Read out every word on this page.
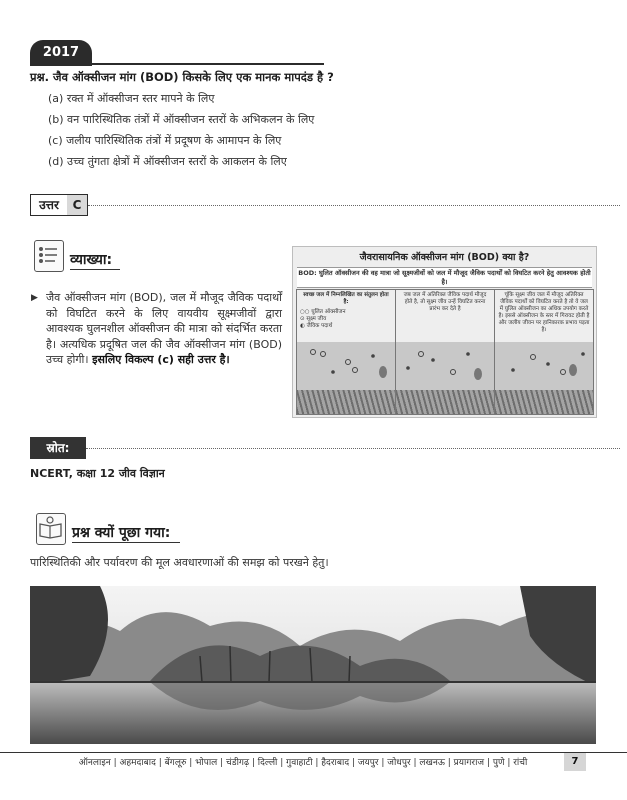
2017
प्रश्न. जैव ऑक्सीजन मांग (BOD) किसके लिए एक मानक मापदंड है ?
(a) रक्त में ऑक्सीजन स्तर मापने के लिए
(b) वन पारिस्थितिक तंत्रों में ऑक्सीजन स्तरों के अभिकलन के लिए
(c) जलीय पारिस्थितिक तंत्रों में प्रदूषण के आमापन के लिए
(d) उच्च तुंगता क्षेत्रों में ऑक्सीजन स्तरों के आकलन के लिए
उत्तर	C
व्याख्या:
▶ जैव ऑक्सीजन मांग (BOD), जल में मौजूद जैविक पदार्थों को विघटित करने के लिए वायवीय सूक्ष्मजीवों द्वारा आवश्यक घुलनशील ऑक्सीजन की मात्रा को संदर्भित करता है। अत्यधिक प्रदूषित जल की जैव ऑक्सीजन मांग (BOD) उच्च होगी। इसलिए विकल्प (c) सही उत्तर है।
जैवरासायनिक ऑक्सीजन मांग (BOD) क्या है?
BOD: घुलित ऑक्सीजन की वह मात्रा जो सूक्ष्मजीवों को जल में मौजूद जैविक पदार्थों को विघटित करने हेतु आवश्यक होती है।
स्वच्छ जल में निम्नलिखित का संतुलन होता है:
○○ घुलित ऑक्सीजन
⊙ सूक्ष्म जीव
◐ जैविक पदार्थ
जब जल में अतिरिक्त जैविक पदार्थ मौजूद होते है, तो सूक्ष्म जीव उन्हें विघटित करना प्रारंभ कर देते है
चूंकि सूक्ष्म जीव जल में मौजूद अतिरिक्त जैविक पदार्थों को विघटित करते है तो वे जल में घुलित ऑक्सीजन का अधिक उपयोग करते है। इससे ऑक्सीजन के स्तर में गिरावट होती है और जलीय जीवन पर हानिकारक प्रभाव पड़ता है।
स्रोत:
NCERT, कक्षा 12 जीव विज्ञान
प्रश्न क्यों पूछा गया:
पारिस्थितिकी और पर्यावरण की मूल अवधारणाओं की समझ को परखने हेतु।
ऑनलाइन | अहमदाबाद | बेंगलूरु | भोपाल | चंडीगढ़ | दिल्ली | गुवाहाटी | हैदराबाद | जयपुर | जोधपुर | लखनऊ | प्रयागराज | पुणे | रांची	7
